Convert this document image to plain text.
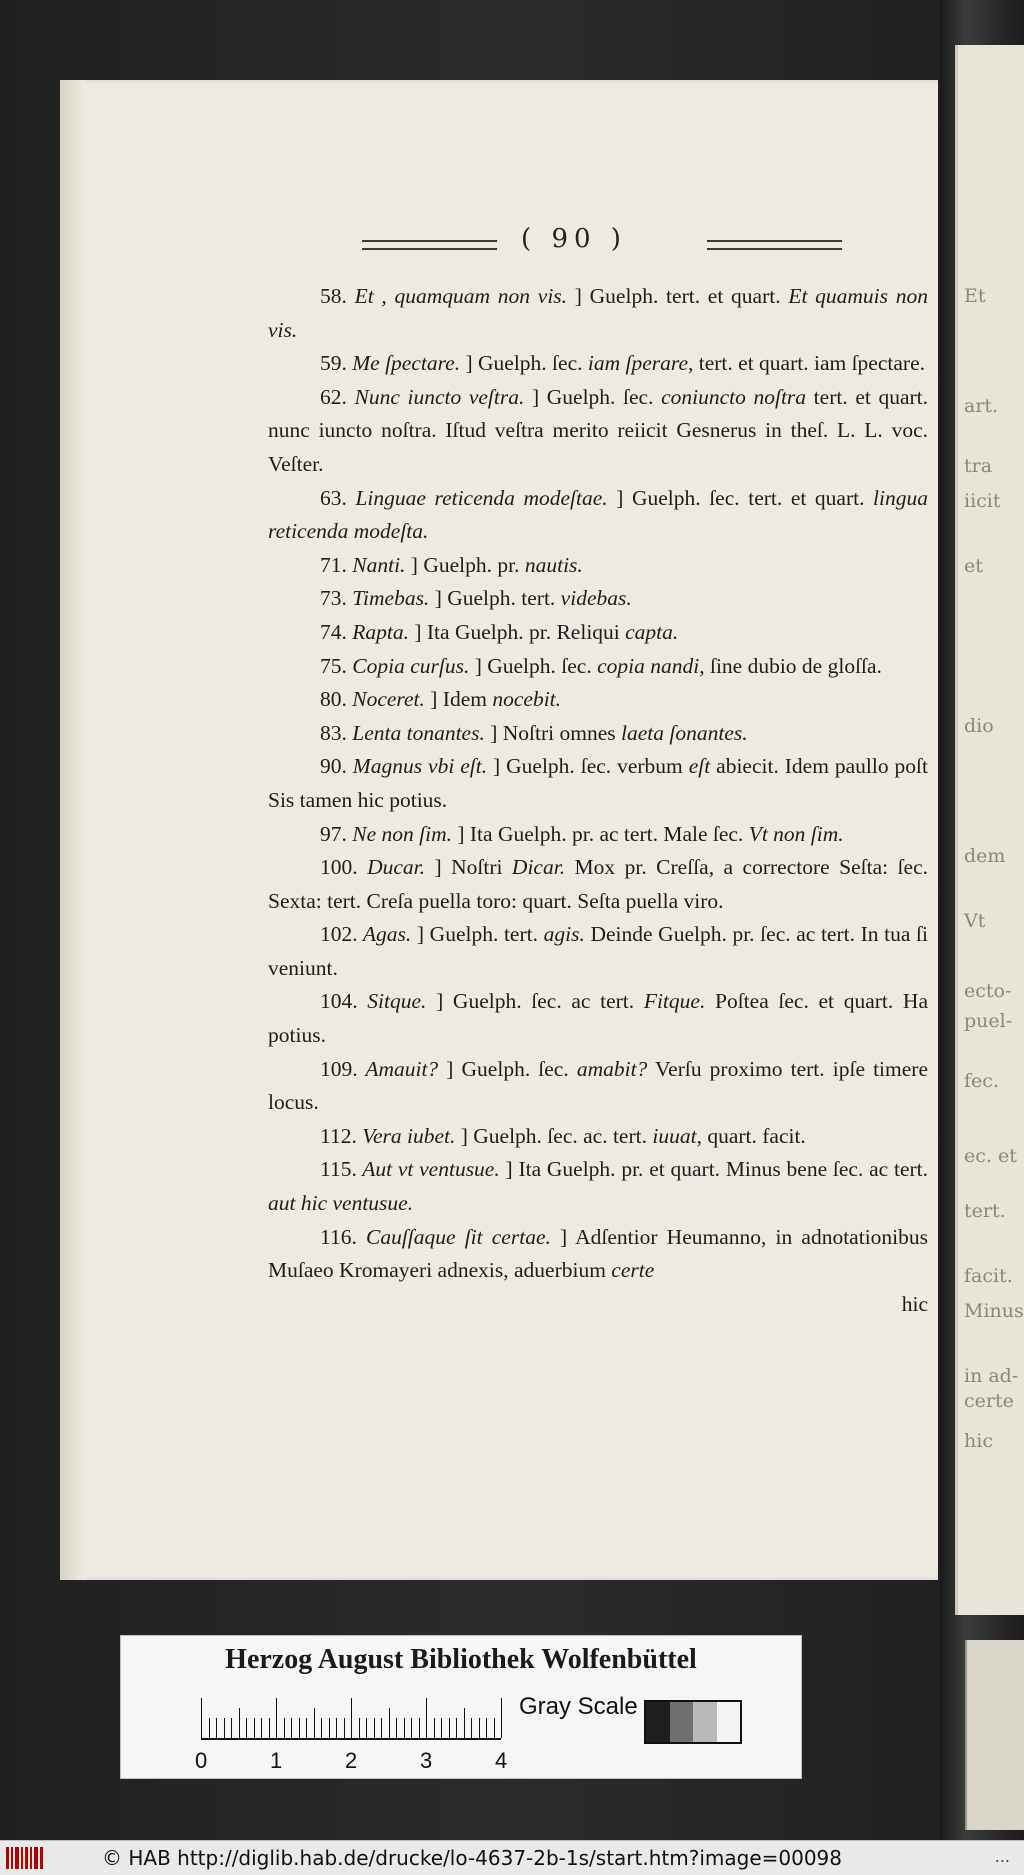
Et
art.
tra
iicit
et
dio
dem
Vt
ecto-
puel-
fec.
ec. et
tert.
facit.
Minus
in ad-
certe
hic
( 90 )

58. Et , quamquam non vis. ] Guelph. tert. et quart. Et quamuis non vis.

59. Me ſpectare. ] Guelph. ſec. iam ſperare, tert. et quart. iam ſpectare.

62. Nunc iuncto veſtra. ] Guelph. ſec. coniuncto noſtra tert. et quart. nunc iuncto noſtra. Iſtud veſtra merito reiicit Gesnerus in theſ. L. L. voc. Veſter.

63. Linguae reticenda modeſtae. ] Guelph. ſec. tert. et quart. lingua reticenda modeſta.

71. Nanti. ] Guelph. pr. nautis.

73. Timebas. ] Guelph. tert. videbas.

74. Rapta. ] Ita Guelph. pr. Reliqui capta.

75. Copia curſus. ] Guelph. ſec. copia nandi, ſine dubio de gloſſa.

80. Noceret. ] Idem nocebit.

83. Lenta tonantes. ] Noſtri omnes laeta ſonantes.

90. Magnus vbi eſt. ] Guelph. ſec. verbum eſt abiecit. Idem paullo poſt Sis tamen hic potius.

97. Ne non ſim. ] Ita Guelph. pr. ac tert. Male ſec. Vt non ſim.

100. Ducar. ] Noſtri Dicar. Mox pr. Creſſa, a correctore Seſta: ſec. Sexta: tert. Creſa puella toro: quart. Seſta puella viro.

102. Agas. ] Guelph. tert. agis. Deinde Guelph. pr. ſec. ac tert. In tua ſi veniunt.

104. Sitque. ] Guelph. ſec. ac tert. Fitque. Poſtea ſec. et quart. Ha potius.

109. Amauit? ] Guelph. ſec. amabit? Verſu proximo tert. ipſe timere locus.

112. Vera iubet. ] Guelph. ſec. ac. tert. iuuat, quart. facit.

115. Aut vt ventusue. ] Ita Guelph. pr. et quart. Minus bene ſec. ac tert. aut hic ventusue.

116. Cauſſaque ſit certae. ] Adſentior Heumanno, in adnotationibus Muſaeo Kromayeri adnexis, aduerbium certe

hic

Herzog August Bibliothek Wolfenbüttel
0	1	2	3	4
Gray Scale
© HAB http://diglib.hab.de/drucke/lo-4637-2b-1s/start.htm?image=00098	...
